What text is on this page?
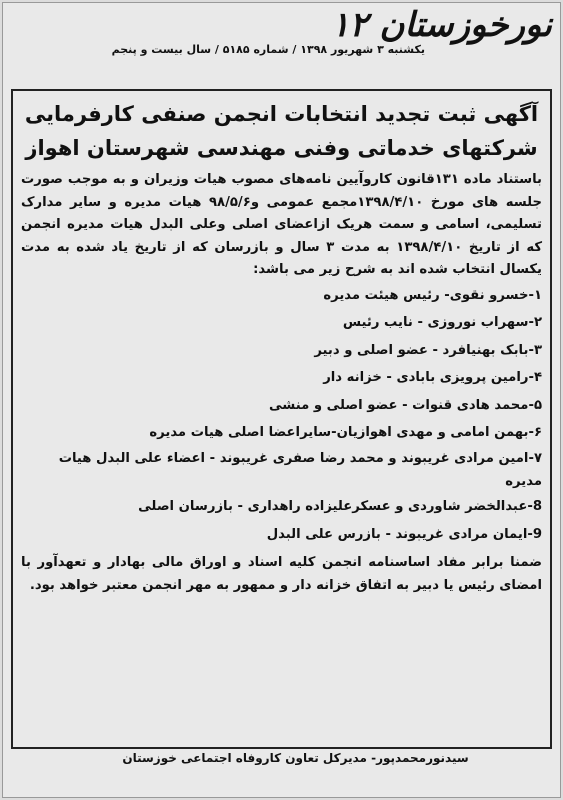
نورخوزستان ۱۲
یکشنبه ۳ شهریور ۱۳۹۸ / شماره ۵۱۸۵ / سال بیست و پنجم
آگهی ثبت تجدید انتخابات انجمن صنفی کارفرمایی
شرکتهای خدماتی وفنی مهندسی شهرستان اهواز
باستناد ماده ۱۳۱قانون کاروآیین نامه‌های مصوب هیات وزیران و به موجب صورت جلسه های مورخ ۱۳۹۸/۴/۱۰مجمع عمومی و۹۸/۵/۶ هیات مدیره و سایر مدارک تسلیمی، اسامی و سمت هریک ازاعضای اصلی وعلی البدل هیات مدیره انجمن که از تاریخ ۱۳۹۸/۴/۱۰ به مدت ۳ سال و بازرسان که از تاریخ یاد شده به مدت یکسال انتخاب شده اند به شرح زیر می باشد:
۱-خسرو نقوی- رئیس هیئت مدیره
۲-سهراب نوروزی - نایب رئیس
۳-بابک بهنیافرد - عضو اصلی و دبیر
۴-رامین پرویزی بابادی - خزانه دار
۵-محمد هادی قنوات - عضو اصلی و منشی
۶-بهمن امامی و مهدی اهوازیان-سایراعضا اصلی هیات مدیره
۷-امین مرادی غریبوند و محمد رضا صفری غریبوند - اعضاء علی البدل هیات مدیره
8-عبدالخضر شاوردی و عسکرعلیزاده راهداری - بازرسان اصلی
9-ایمان مرادی غریبوند - بازرس علی البدل
ضمنا برابر مفاد اساسنامه انجمن کلیه اسناد و اوراق مالی بهادار و تعهدآور با امضای رئیس یا دبیر به اتفاق خزانه دار و ممهور به مهر انجمن معتبر خواهد بود.
سیدنورمحمدپور- مدیرکل تعاون کاروفاه اجتماعی خوزستان
